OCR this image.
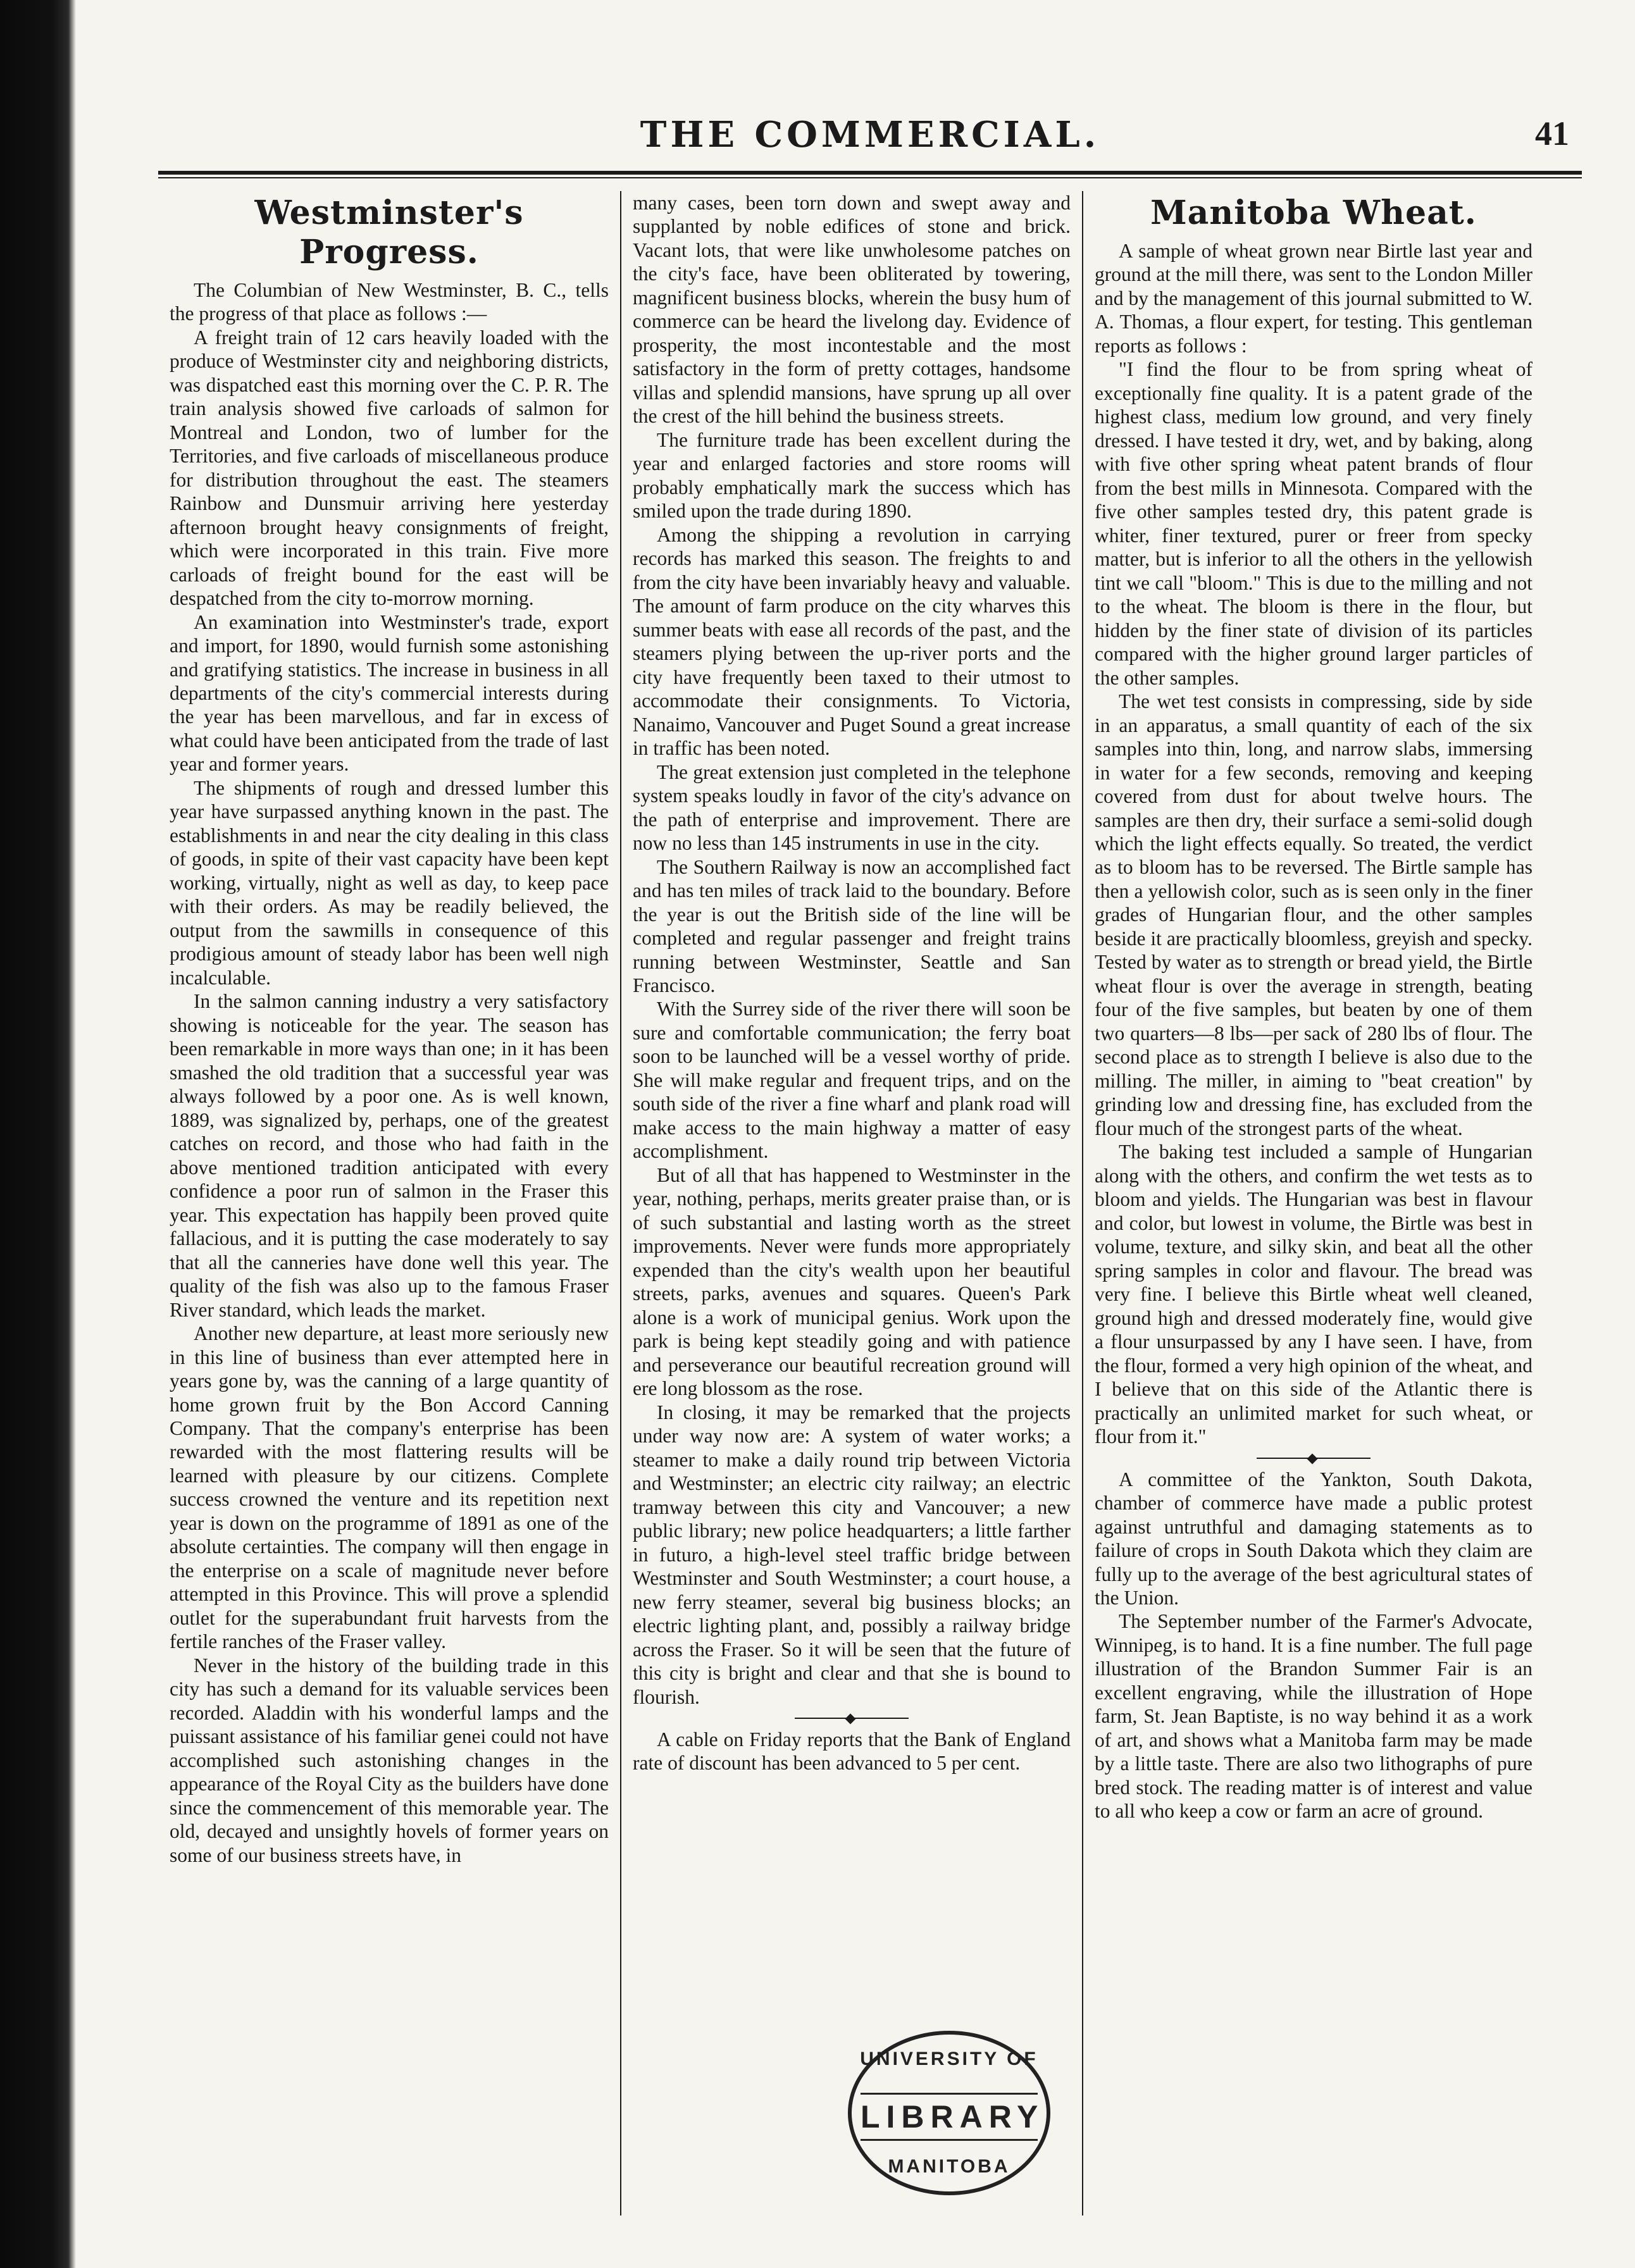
THE COMMERCIAL.	41
Westminster's Progress.

The Columbian of New Westminster, B. C., tells the progress of that place as follows :—

A freight train of 12 cars heavily loaded with the produce of Westminster city and neighboring districts, was dispatched east this morning over the C. P. R. The train analysis showed five carloads of salmon for Montreal and London, two of lumber for the Territories, and five carloads of miscellaneous produce for distribution throughout the east. The steamers Rainbow and Dunsmuir arriving here yesterday afternoon brought heavy consignments of freight, which were incorporated in this train. Five more carloads of freight bound for the east will be despatched from the city to-morrow morning.

An examination into Westminster's trade, export and import, for 1890, would furnish some astonishing and gratifying statistics. The increase in business in all departments of the city's commercial interests during the year has been marvellous, and far in excess of what could have been anticipated from the trade of last year and former years.

The shipments of rough and dressed lumber this year have surpassed anything known in the past. The establishments in and near the city dealing in this class of goods, in spite of their vast capacity have been kept working, virtually, night as well as day, to keep pace with their orders. As may be readily believed, the output from the sawmills in consequence of this prodigious amount of steady labor has been well nigh incalculable.

In the salmon canning industry a very satisfactory showing is noticeable for the year. The season has been remarkable in more ways than one; in it has been smashed the old tradition that a successful year was always followed by a poor one. As is well known, 1889, was signalized by, perhaps, one of the greatest catches on record, and those who had faith in the above mentioned tradition anticipated with every confidence a poor run of salmon in the Fraser this year. This expectation has happily been proved quite fallacious, and it is putting the case moderately to say that all the canneries have done well this year. The quality of the fish was also up to the famous Fraser River standard, which leads the market.

Another new departure, at least more seriously new in this line of business than ever attempted here in years gone by, was the canning of a large quantity of home grown fruit by the Bon Accord Canning Company. That the company's enterprise has been rewarded with the most flattering results will be learned with pleasure by our citizens. Complete success crowned the venture and its repetition next year is down on the programme of 1891 as one of the absolute certainties. The company will then engage in the enterprise on a scale of magnitude never before attempted in this Province. This will prove a splendid outlet for the superabundant fruit harvests from the fertile ranches of the Fraser valley.

Never in the history of the building trade in this city has such a demand for its valuable services been recorded. Aladdin with his wonderful lamps and the puissant assistance of his familiar genei could not have accomplished such astonishing changes in the appearance of the Royal City as the builders have done since the commencement of this memorable year. The old, decayed and unsightly hovels of former years on some of our business streets have, in

many cases, been torn down and swept away and supplanted by noble edifices of stone and brick. Vacant lots, that were like unwholesome patches on the city's face, have been obliterated by towering, magnificent business blocks, wherein the busy hum of commerce can be heard the livelong day. Evidence of prosperity, the most incontestable and the most satisfactory in the form of pretty cottages, handsome villas and splendid mansions, have sprung up all over the crest of the hill behind the business streets.

The furniture trade has been excellent during the year and enlarged factories and store rooms will probably emphatically mark the success which has smiled upon the trade during 1890.

Among the shipping a revolution in carrying records has marked this season. The freights to and from the city have been invariably heavy and valuable. The amount of farm produce on the city wharves this summer beats with ease all records of the past, and the steamers plying between the up-river ports and the city have frequently been taxed to their utmost to accommodate their consignments. To Victoria, Nanaimo, Vancouver and Puget Sound a great increase in traffic has been noted.

The great extension just completed in the telephone system speaks loudly in favor of the city's advance on the path of enterprise and improvement. There are now no less than 145 instruments in use in the city.

The Southern Railway is now an accomplished fact and has ten miles of track laid to the boundary. Before the year is out the British side of the line will be completed and regular passenger and freight trains running between Westminster, Seattle and San Francisco.

With the Surrey side of the river there will soon be sure and comfortable communication; the ferry boat soon to be launched will be a vessel worthy of pride. She will make regular and frequent trips, and on the south side of the river a fine wharf and plank road will make access to the main highway a matter of easy accomplishment.

But of all that has happened to Westminster in the year, nothing, perhaps, merits greater praise than, or is of such substantial and lasting worth as the street improvements. Never were funds more appropriately expended than the city's wealth upon her beautiful streets, parks, avenues and squares. Queen's Park alone is a work of municipal genius. Work upon the park is being kept steadily going and with patience and perseverance our beautiful recreation ground will ere long blossom as the rose.

In closing, it may be remarked that the projects under way now are: A system of water works; a steamer to make a daily round trip between Victoria and Westminster; an electric city railway; an electric tramway between this city and Vancouver; a new public library; new police headquarters; a little farther in futuro, a high-level steel traffic bridge between Westminster and South Westminster; a court house, a new ferry steamer, several big business blocks; an electric lighting plant, and, possibly a railway bridge across the Fraser. So it will be seen that the future of this city is bright and clear and that she is bound to flourish.

A cable on Friday reports that the Bank of England rate of discount has been advanced to 5 per cent.

Manitoba Wheat.

A sample of wheat grown near Birtle last year and ground at the mill there, was sent to the London Miller and by the management of this journal submitted to W. A. Thomas, a flour expert, for testing. This gentleman reports as follows :

"I find the flour to be from spring wheat of exceptionally fine quality. It is a patent grade of the highest class, medium low ground, and very finely dressed. I have tested it dry, wet, and by baking, along with five other spring wheat patent brands of flour from the best mills in Minnesota. Compared with the five other samples tested dry, this patent grade is whiter, finer textured, purer or freer from specky matter, but is inferior to all the others in the yellowish tint we call "bloom." This is due to the milling and not to the wheat. The bloom is there in the flour, but hidden by the finer state of division of its particles compared with the higher ground larger particles of the other samples.

The wet test consists in compressing, side by side in an apparatus, a small quantity of each of the six samples into thin, long, and narrow slabs, immersing in water for a few seconds, removing and keeping covered from dust for about twelve hours. The samples are then dry, their surface a semi-solid dough which the light effects equally. So treated, the verdict as to bloom has to be reversed. The Birtle sample has then a yellowish color, such as is seen only in the finer grades of Hungarian flour, and the other samples beside it are practically bloomless, greyish and specky. Tested by water as to strength or bread yield, the Birtle wheat flour is over the average in strength, beating four of the five samples, but beaten by one of them two quarters—8 lbs—per sack of 280 lbs of flour. The second place as to strength I believe is also due to the milling. The miller, in aiming to "beat creation" by grinding low and dressing fine, has excluded from the flour much of the strongest parts of the wheat.

The baking test included a sample of Hungarian along with the others, and confirm the wet tests as to bloom and yields. The Hungarian was best in flavour and color, but lowest in volume, the Birtle was best in volume, texture, and silky skin, and beat all the other spring samples in color and flavour. The bread was very fine. I believe this Birtle wheat well cleaned, ground high and dressed moderately fine, would give a flour unsurpassed by any I have seen. I have, from the flour, formed a very high opinion of the wheat, and I believe that on this side of the Atlantic there is practically an unlimited market for such wheat, or flour from it."

A committee of the Yankton, South Dakota, chamber of commerce have made a public protest against untruthful and damaging statements as to failure of crops in South Dakota which they claim are fully up to the average of the best agricultural states of the Union.

The September number of the Farmer's Advocate, Winnipeg, is to hand. It is a fine number. The full page illustration of the Brandon Summer Fair is an excellent engraving, while the illustration of Hope farm, St. Jean Baptiste, is no way behind it as a work of art, and shows what a Manitoba farm may be made by a little taste. There are also two lithographs of pure bred stock. The reading matter is of interest and value to all who keep a cow or farm an acre of ground.

UNIVERSITY OF
LIBRARY
MANITOBA
